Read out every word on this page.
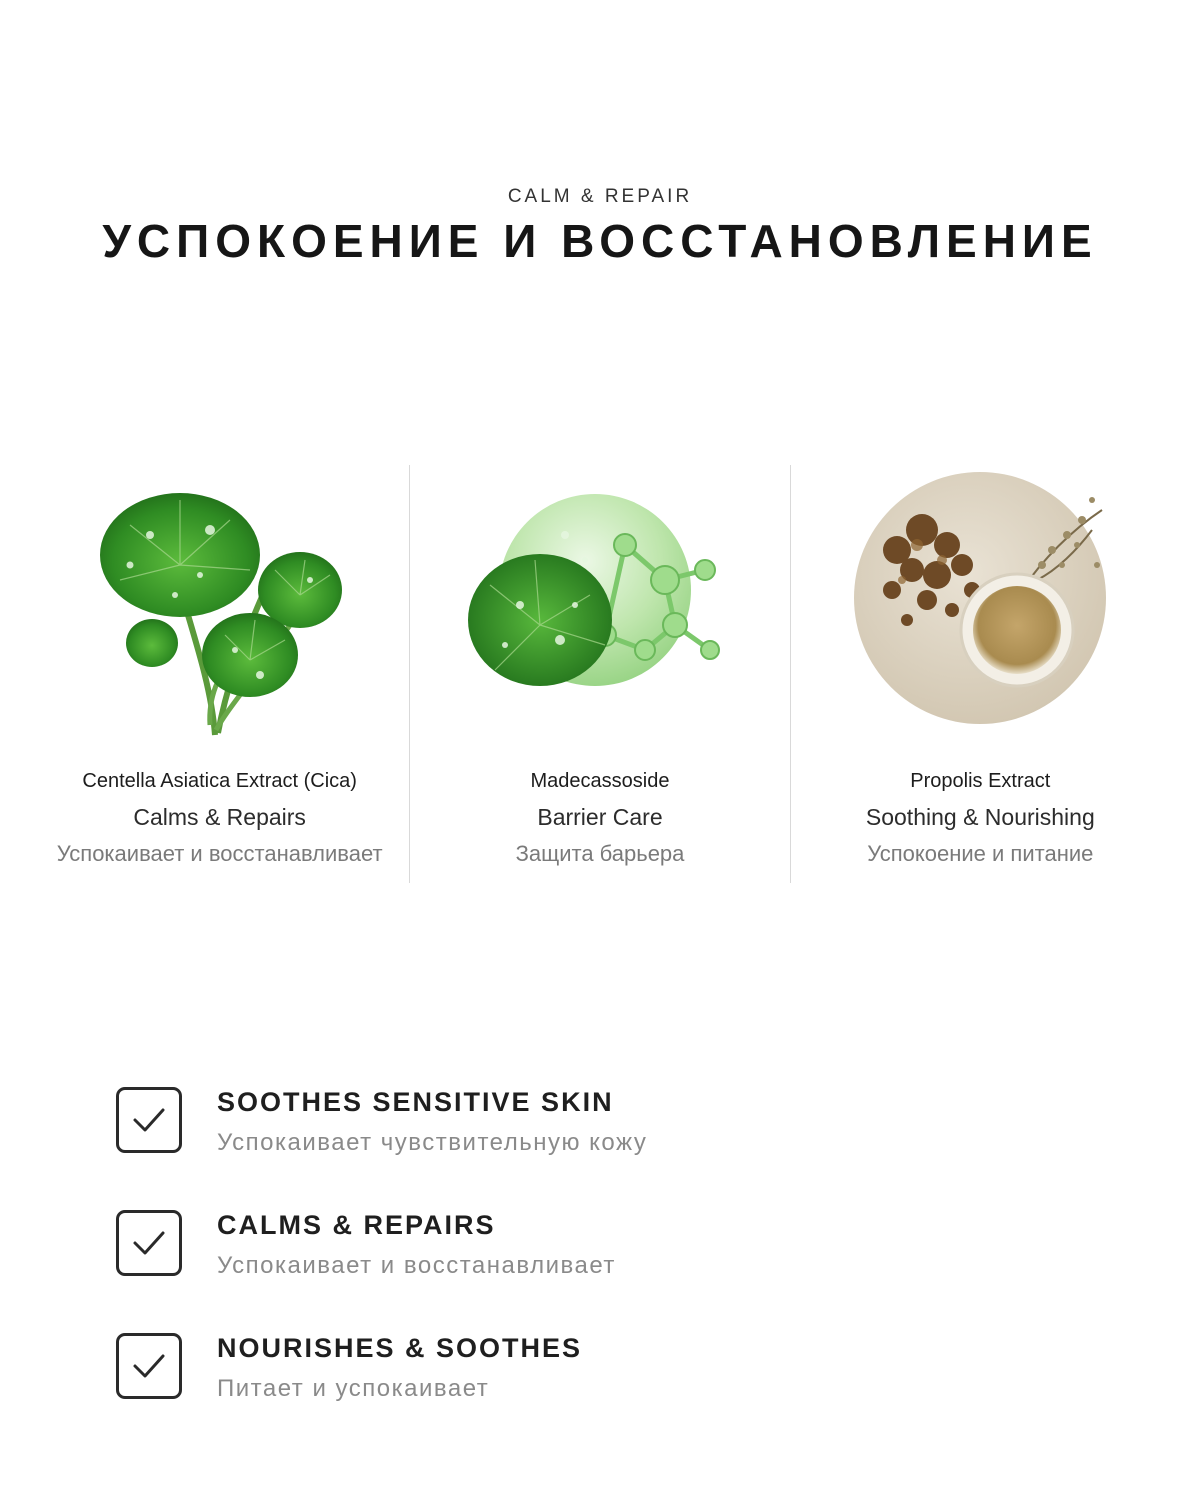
CALM & REPAIR
УСПОКОЕНИЕ И ВОССТАНОВЛЕНИЕ
Centella Asiatica Extract (Cica)
Calms & Repairs
Успокаивает и восстанавливает
Madecassoside
Barrier Care
Защита барьера
Propolis Extract
Soothing & Nourishing
Успокоение и питание
SOOTHES SENSITIVE SKIN
Успокаивает чувствительную кожу
CALMS & REPAIRS
Успокаивает и восстанавливает
NOURISHES & SOOTHES
Питает и успокаивает
